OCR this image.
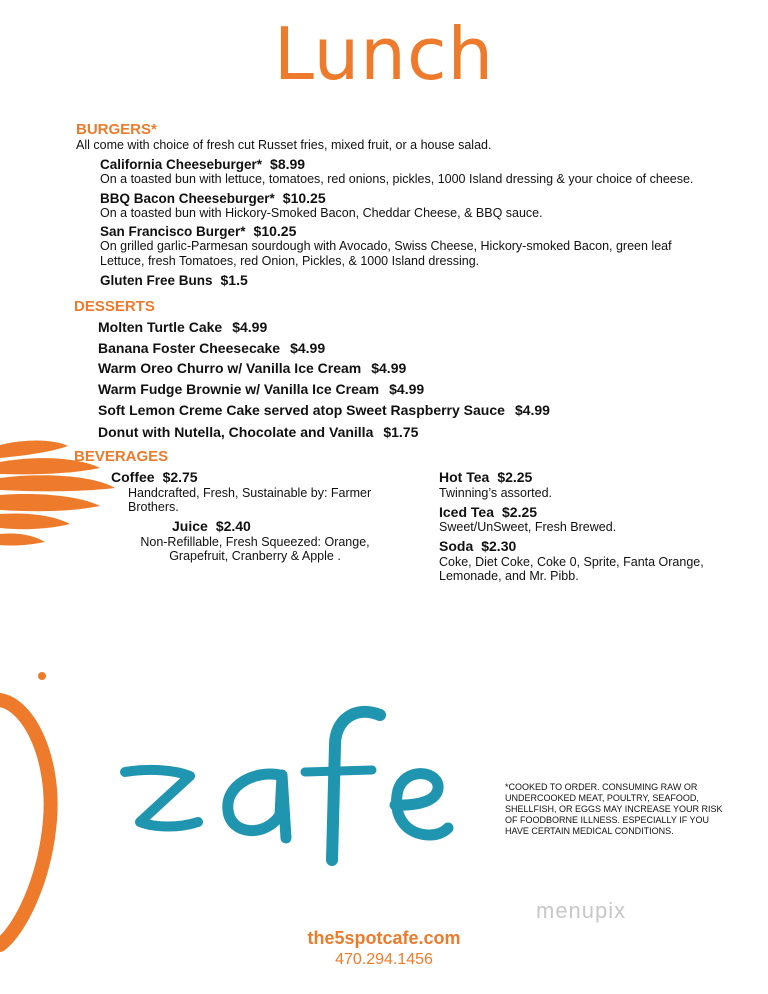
Lunch
BURGERS*
All come with choice of fresh cut Russet fries, mixed fruit, or a house salad.
California Cheeseburger* $8.99
On a toasted bun with lettuce, tomatoes, red onions, pickles, 1000 Island dressing & your choice of cheese.
BBQ Bacon Cheeseburger* $10.25
On a toasted bun with Hickory-Smoked Bacon, Cheddar Cheese, & BBQ sauce.
San Francisco Burger* $10.25
On grilled garlic-Parmesan sourdough with Avocado, Swiss Cheese, Hickory-smoked Bacon, green leaf Lettuce, fresh Tomatoes, red Onion, Pickles, & 1000 Island dressing.
Gluten Free Buns $1.5
DESSERTS
Molten Turtle Cake $4.99
Banana Foster Cheesecake $4.99
Warm Oreo Churro w/ Vanilla Ice Cream $4.99
Warm Fudge Brownie w/ Vanilla Ice Cream $4.99
Soft Lemon Creme Cake served atop Sweet Raspberry Sauce $4.99
Donut with Nutella, Chocolate and Vanilla $1.75
BEVERAGES
Coffee $2.75
Handcrafted, Fresh, Sustainable by: Farmer Brothers.
Juice $2.40
Non-Refillable, Fresh Squeezed: Orange, Grapefruit, Cranberry & Apple .
Hot Tea $2.25
Twinning’s assorted.
Iced Tea $2.25
Sweet/UnSweet, Fresh Brewed.
Soda $2.30
Coke, Diet Coke, Coke 0, Sprite, Fanta Orange, Lemonade, and Mr. Pibb.
*COOKED TO ORDER. CONSUMING RAW OR UNDERCOOKED MEAT, POULTRY, SEAFOOD, SHELLFISH, OR EGGS MAY INCREASE YOUR RISK OF FOODBORNE ILLNESS. ESPECIALLY IF YOU HAVE CERTAIN MEDICAL CONDITIONS.
menupix
the5spotcafe.com
470.294.1456
